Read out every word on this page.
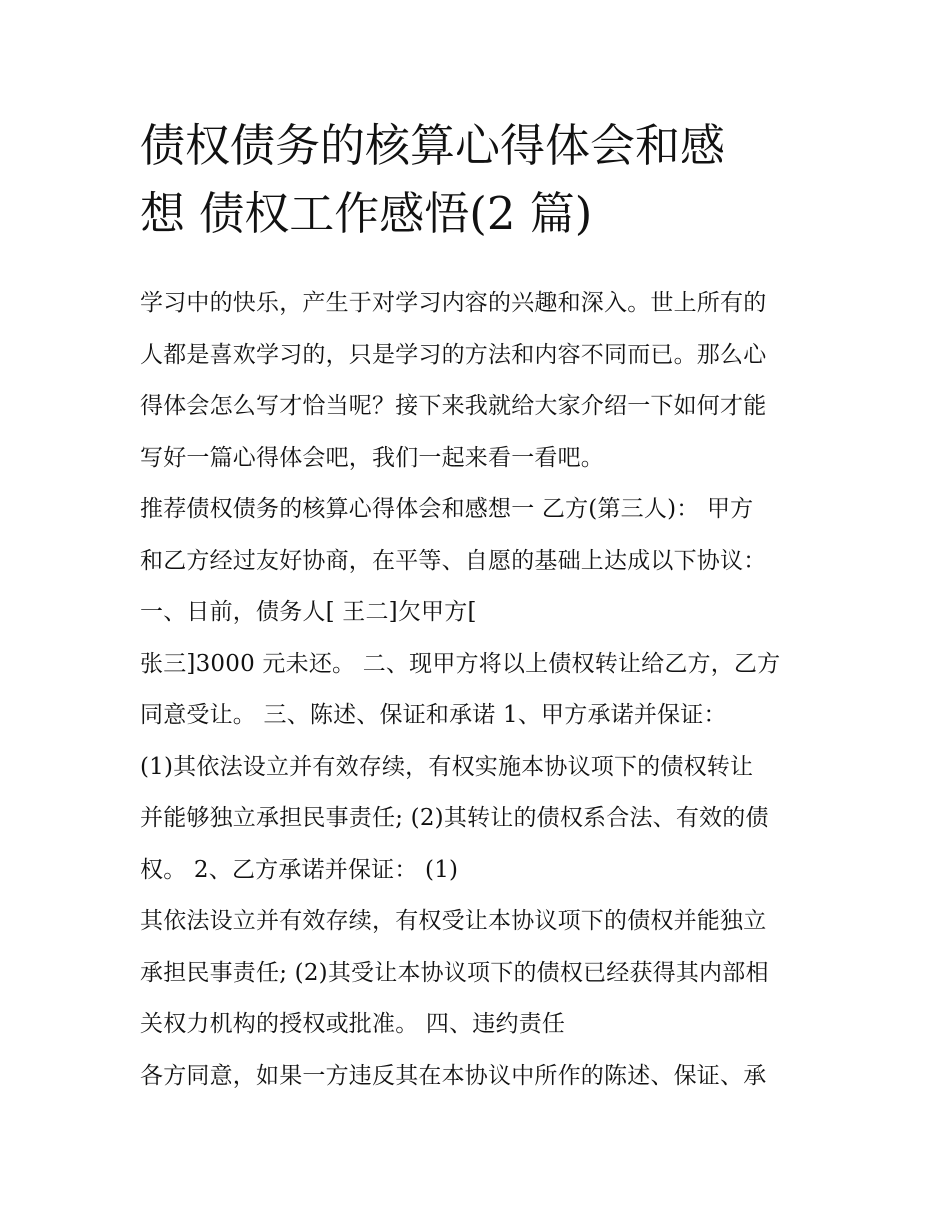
债权债务的核算心得体会和感
想 债权工作感悟(2 篇)
学习中的快乐，产生于对学习内容的兴趣和深入。世上所有的
人都是喜欢学习的，只是学习的方法和内容不同而已。那么心
得体会怎么写才恰当呢？接下来我就给大家介绍一下如何才能
写好一篇心得体会吧，我们一起来看一看吧。
推荐债权债务的核算心得体会和感想一 乙方(第三人)： 甲方
和乙方经过友好协商，在平等、自愿的基础上达成以下协议：
一、日前，债务人[ 王二]欠甲方[
张三]3000 元未还。 二、现甲方将以上债权转让给乙方，乙方
同意受让。 三、陈述、保证和承诺 1、甲方承诺并保证：
(1)其依法设立并有效存续，有权实施本协议项下的债权转让
并能够独立承担民事责任; (2)其转让的债权系合法、有效的债
权。 2、乙方承诺并保证： (1)
其依法设立并有效存续，有权受让本协议项下的债权并能独立
承担民事责任; (2)其受让本协议项下的债权已经获得其内部相
关权力机构的授权或批准。 四、违约责任
各方同意，如果一方违反其在本协议中所作的陈述、保证、承
